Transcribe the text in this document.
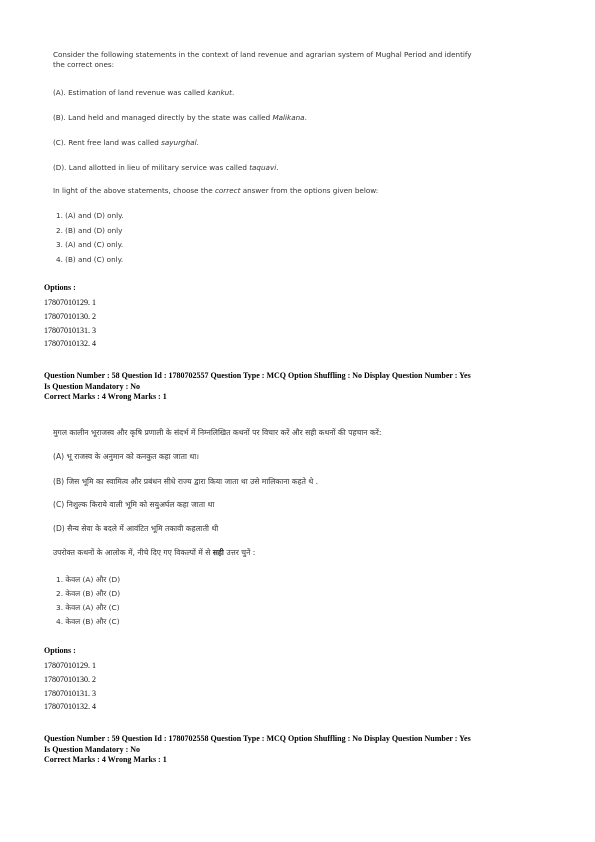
Consider the following statements in the context of land revenue and agrarian system of Mughal Period and identify
the correct ones:
(A). Estimation of land revenue was called kankut.
(B). Land held and managed directly by the state was called Malikana.
(C). Rent free land was called sayurghal.
(D). Land allotted in lieu of military service was called taquavi.
In light of the above statements, choose the correct answer from the options given below:
1. (A) and (D) only.
2. (B) and (D) only
3. (A) and (C) only.
4. (B) and (C) only.
Options :
17807010129. 1
17807010130. 2
17807010131. 3
17807010132. 4
Question Number : 58 Question Id : 1780702557 Question Type : MCQ Option Shuffling : No Display Question Number : Yes
Is Question Mandatory : No
Correct Marks : 4 Wrong Marks : 1
मुगल कालीन भूराजस्व और कृषि प्रणाली के संदर्भ में निम्नलिखित कथनों पर विचार करें और सही कथनों की पहचान करें:
(A) भू राजस्व के अनुमान को कनकुत कहा जाता था।
(B) जिस भूमि का स्वामित्व और प्रबंधन सीधे राज्य द्वारा किया जाता था उसे मालिकाना कहते थे .
(C) निशुल्क किराये वाली भूमि को सयुअर्घल कहा जाता था
(D) सैन्य सेवा के बदले में आवंटित भूमि तकावी कहलाती थी
उपरोक्त कथनों के आलोक में, नीचे दिए गए विकल्पों में से सही उत्तर चुनें :
1. केवल (A) और (D)
2. केवल (B) और (D)
3. केवल (A) और (C)
4. केवल (B) और (C)
Options :
17807010129. 1
17807010130. 2
17807010131. 3
17807010132. 4
Question Number : 59 Question Id : 1780702558 Question Type : MCQ Option Shuffling : No Display Question Number : Yes
Is Question Mandatory : No
Correct Marks : 4 Wrong Marks : 1
